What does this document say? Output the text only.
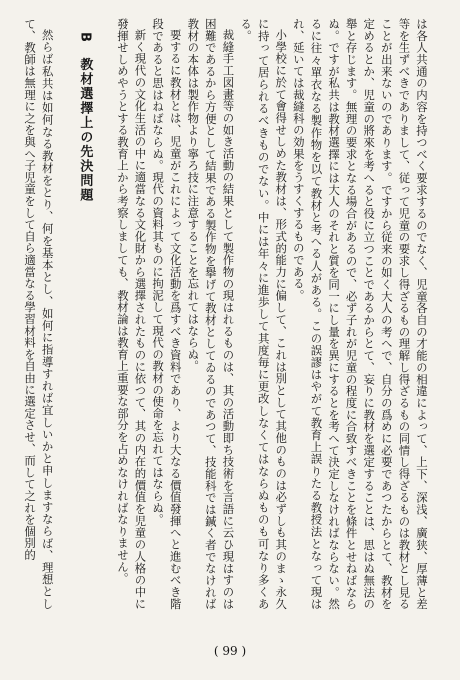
は各人共通の内容を持つべく要求するのでなく、児童各自の才能の相違によって、上下、深浅、廣狭、厚薄と差等を生ずべきでありまして、従って児童の要求し得ざるもの理解し得ざるもの同情し得ざるものは教材とし見ることが出来ないのであります。ですから従来の如く大人の考へで、自分の爲めに必要であつたからとて、教材を定めるとか、児童の將來を考へると役に立つことであるからとて、妄りに教材を選定することは、思はぬ無法の舉と存じます。無理の要求となる場合があるので、必ず子れが児童の程度に合致すべきことを條件とせねばならぬ。ですが私共は教材選擇には大人のそれと質を同一にし量を異にするとを考へて決定しなければならない。然るに往々單衣なる製作物を以て教材と考へる人がある。この誤謬はやがて教育上誤りたる教授法となって現はれ、延いては裁縫科の効果をうすくするものである。

小學校に於て會得せしめた教材は、形式的能力に偏して、これは別として其他のものは必ずしも其のまゝ永久に持って居られるべきものでない。中には年々に進歩して其度毎に更改しなくてはならぬものも可なり多くある。

裁縫手工図畫等の如き活動の結果として製作物の現はれるものは、其の活動即ち技術を言語に云ひ現はすのは困難であるから方便として結果である製作物を擧げて教材としてゐるのであつて、技能科では鍼く者でなければ教材の本体は製作物より寧ろ技に注意することを忘れてはならぬ。

要するに教材とは、児童がこれによって文化活動を爲すべき資料であり、より大なる價值發揮へと進むべき階段であると思はねばならぬ。現代の資料其ものに拘泥して現代の教材の使命を忘れてはならぬ。

新く現代の文化生活の中に適當なる文化財から選擇されたものに依つて、其の内在的價值を児童の人格の中に發揮せしめやうとする教育上から考察しましても、教材論は教育上重要な部分を占めなければなりません。

B 教材選擇上の先決問題

然らば私共は如何なる教材をとり、何を基本とし、如何に指導すれば宜しいかと申しますならば、理想として、教師は無理に之を與へ子児童をして自ら適當なる學習材料を自由に選定させ、而して之れを個別的

( 99 )
